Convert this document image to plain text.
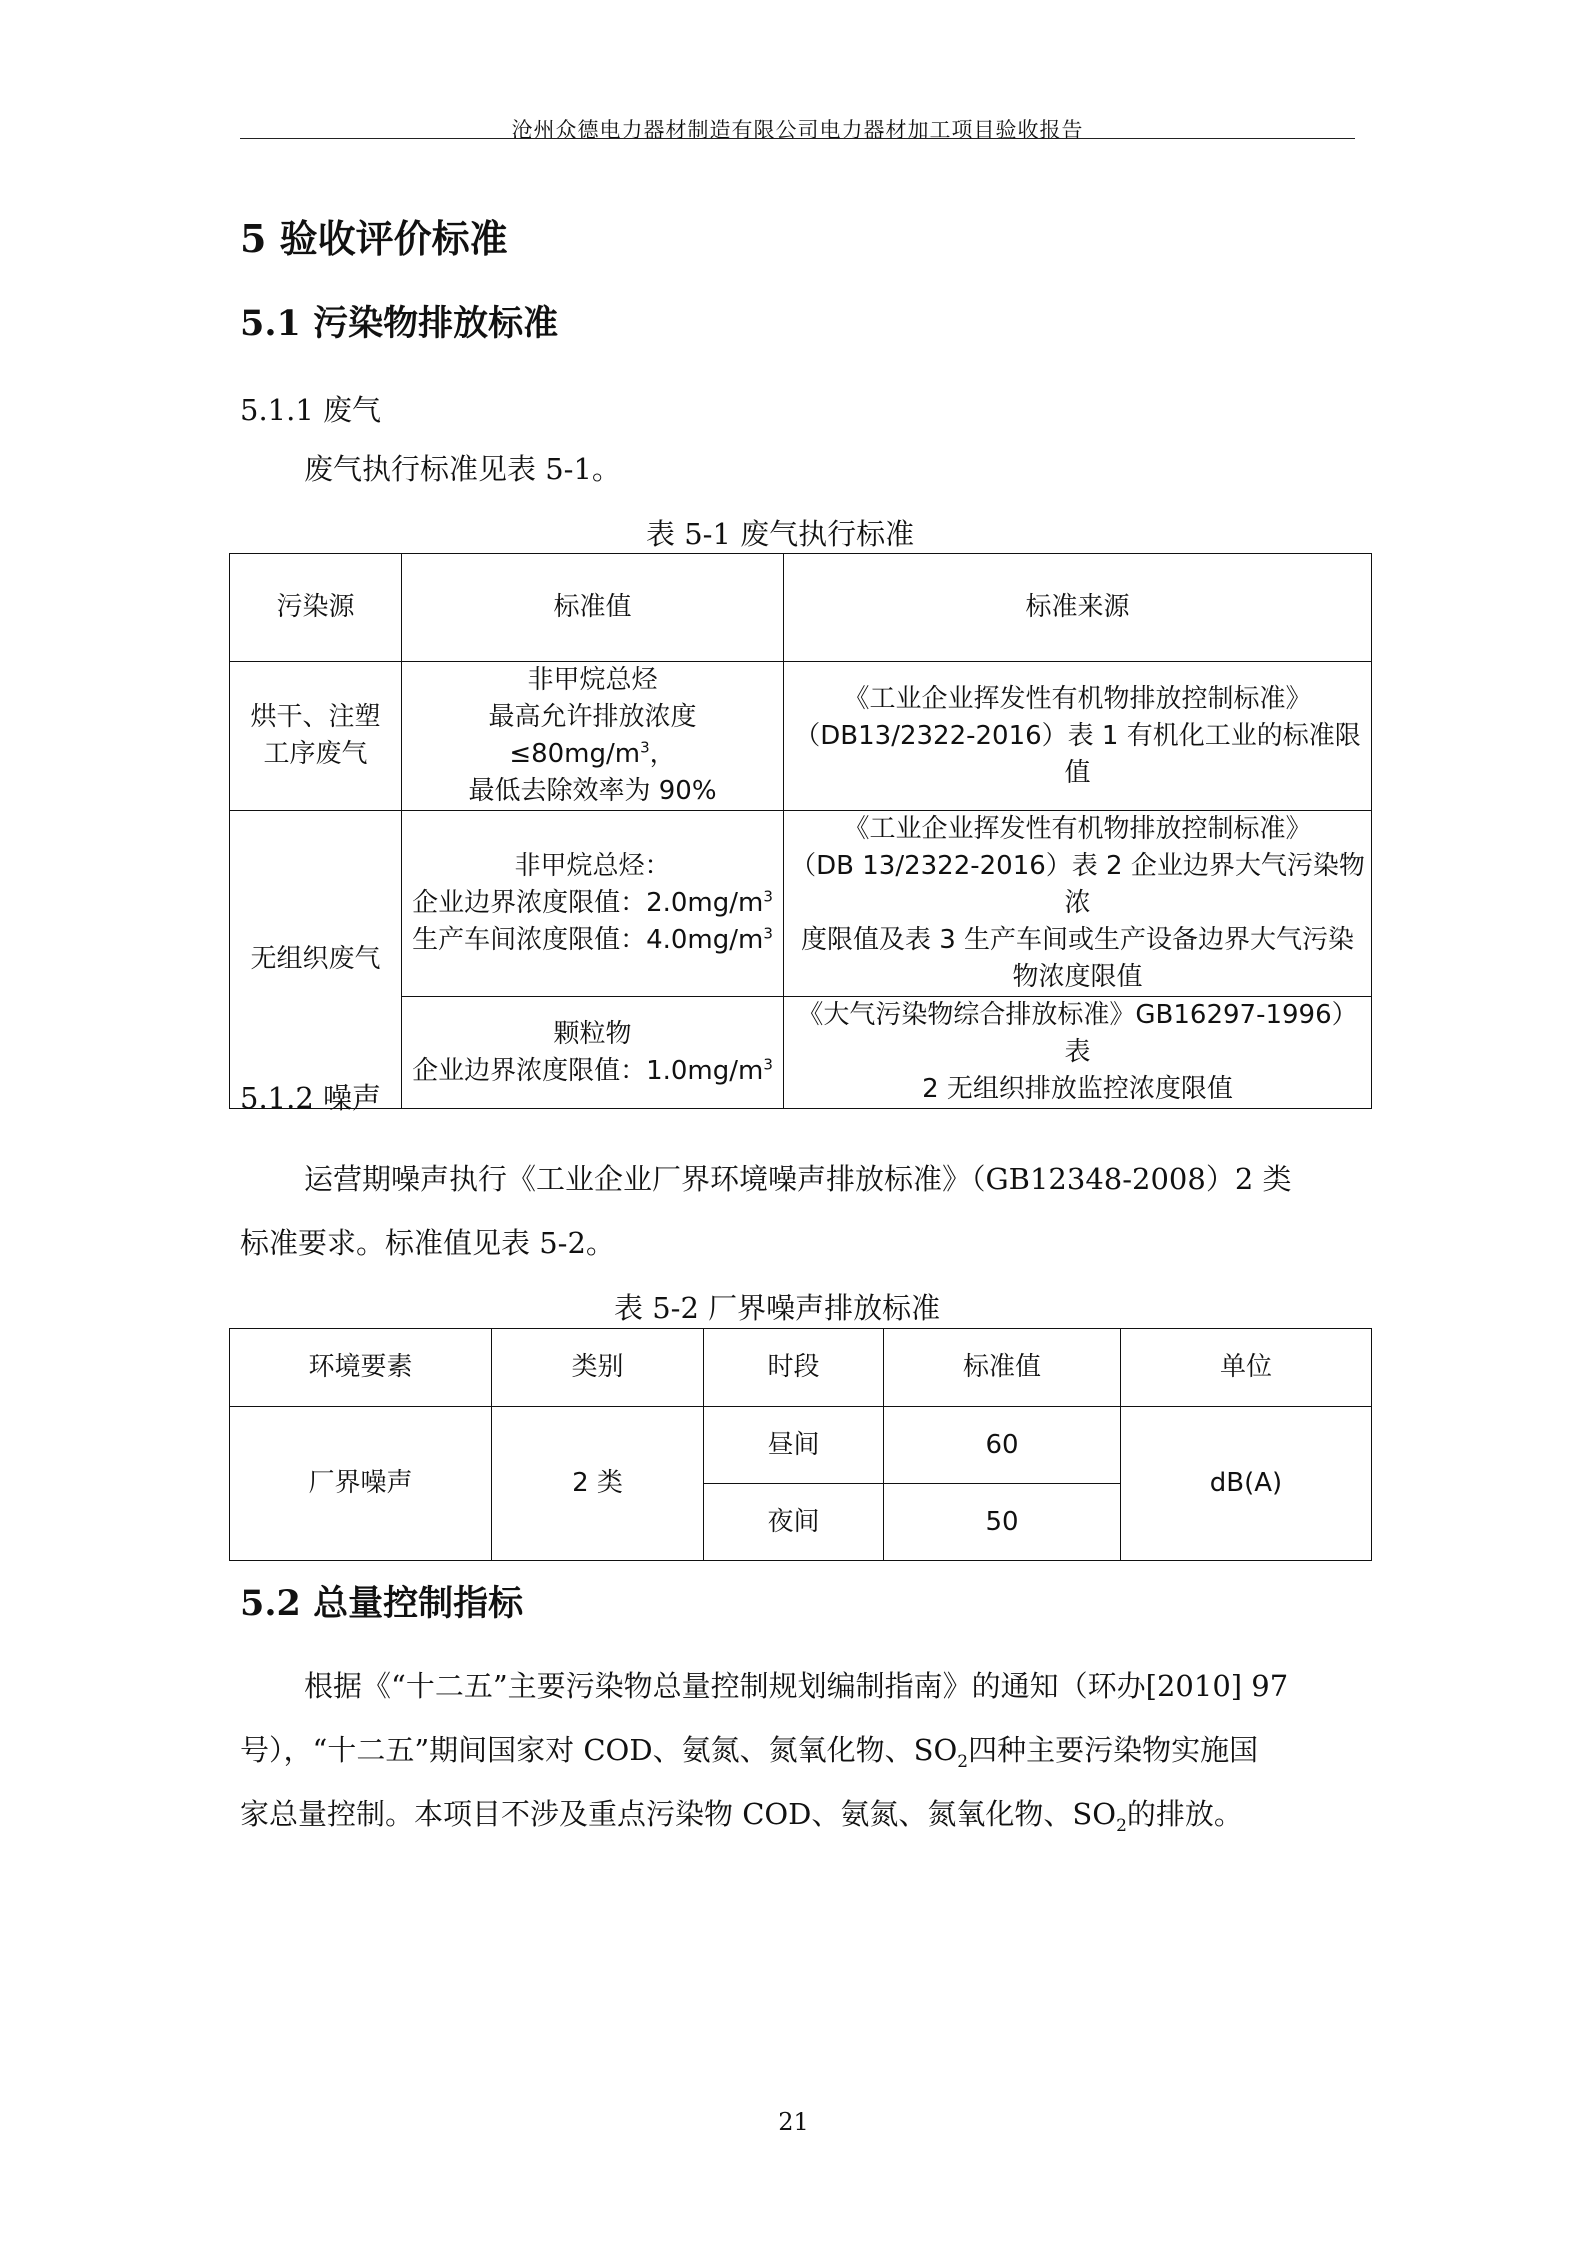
沧州众德电力器材制造有限公司电力器材加工项目验收报告
5 验收评价标准
5.1 污染物排放标准
5.1.1 废气
废气执行标准见表 5-1。
表 5-1 废气执行标准
污染源	标准值	标准来源

烘干、注塑
工序废气	非甲烷总烃
最高允许排放浓度$\le 80mg/m^3$，
最低去除效率为 90%	《工业企业挥发性有机物排放控制标准》
（DB13/2322-2016）表 1 有机化工业的标准限值

无组织废气	非甲烷总烃：
企业边界浓度限值：$2.0mg/m^3$
生产车间浓度限值：$4.0mg/m^3$	《工业企业挥发性有机物排放控制标准》
（DB 13/2322-2016）表 2 企业边界大气污染物浓
度限值及表 3 生产车间或生产设备边界大气污染
物浓度限值

	颗粒物
企业边界浓度限值：$1.0mg/m^3$	《大气污染物综合排放标准》GB16297-1996）表
2 无组织排放监控浓度限值
5.1.2 噪声
运营期噪声执行《工业企业厂界环境噪声排放标准》（GB12348-2008）2 类
标准要求。标准值见表 5-2。
表 5-2 厂界噪声排放标准
环境要素	类别	时段	标准值	单位
厂界噪声	2 类	昼间	60	dB(A)
		夜间	50	
5.2 总量控制指标
根据《“十二五”主要污染物总量控制规划编制指南》的通知（环办[2010] 97
号），“十二五”期间国家对 COD、氨氮、氮氧化物、$SO_2$四种主要污染物实施国
家总量控制。本项目不涉及重点污染物 COD、氨氮、氮氧化物、$SO_2$的排放。
21
